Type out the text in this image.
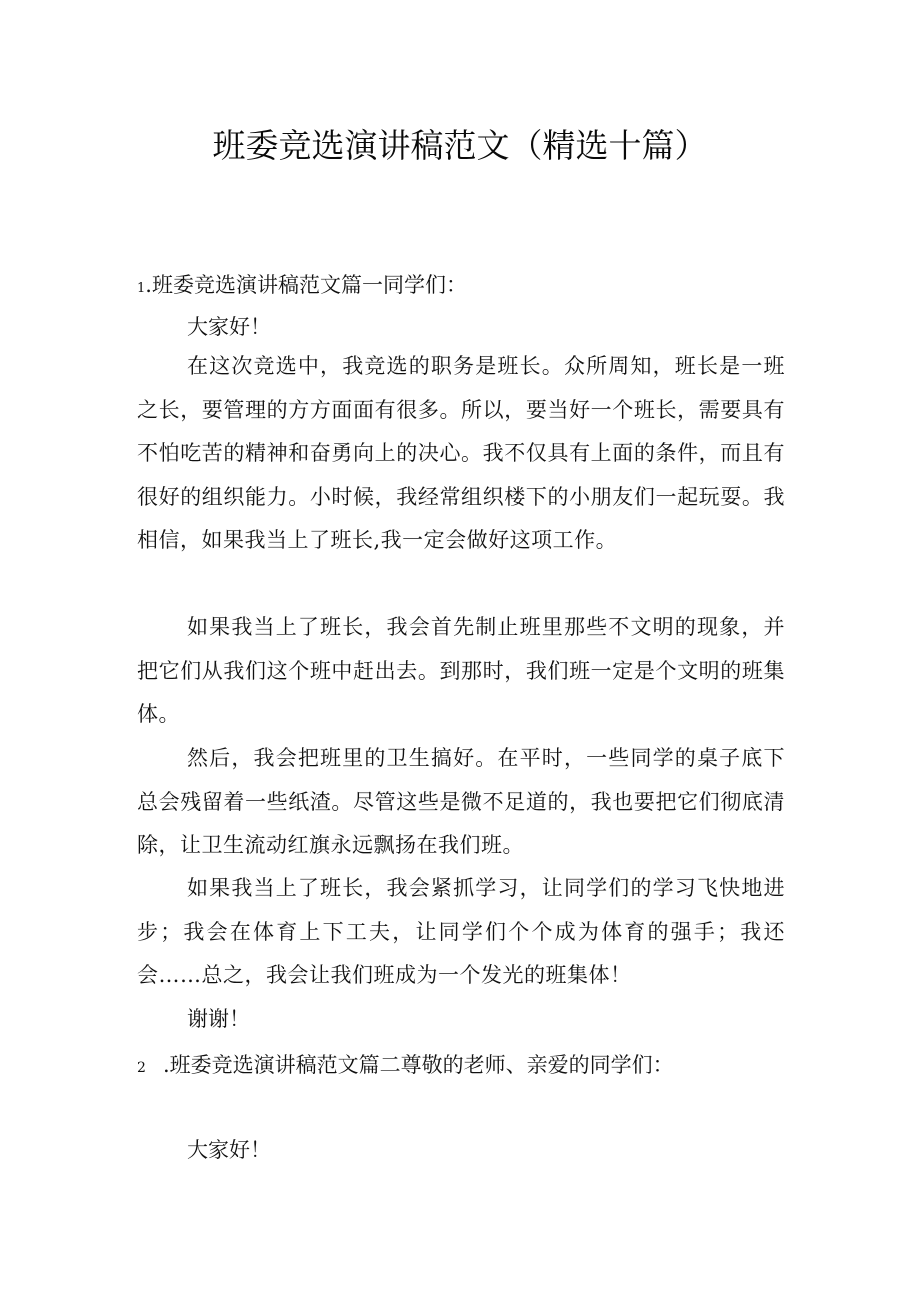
班委竞选演讲稿范文（精选十篇）
1.班委竞选演讲稿范文篇一同学们：
大家好！

在这次竞选中，我竞选的职务是班长。众所周知，班长是一班之长，要管理的方方面面有很多。所以，要当好一个班长，需要具有不怕吃苦的精神和奋勇向上的决心。我不仅具有上面的条件，而且有很好的组织能力。小时候，我经常组织楼下的小朋友们一起玩耍。我相信，如果我当上了班长,我一定会做好这项工作。

如果我当上了班长，我会首先制止班里那些不文明的现象，并把它们从我们这个班中赶出去。到那时，我们班一定是个文明的班集体。

然后，我会把班里的卫生搞好。在平时，一些同学的桌子底下总会残留着一些纸渣。尽管这些是微不足道的，我也要把它们彻底清除，让卫生流动红旗永远飘扬在我们班。

如果我当上了班长，我会紧抓学习，让同学们的学习飞快地进步；我会在体育上下工夫，让同学们个个成为体育的强手；我还会……总之，我会让我们班成为一个发光的班集体！

谢谢！
2 .班委竞选演讲稿范文篇二尊敬的老师、亲爱的同学们：
大家好！
